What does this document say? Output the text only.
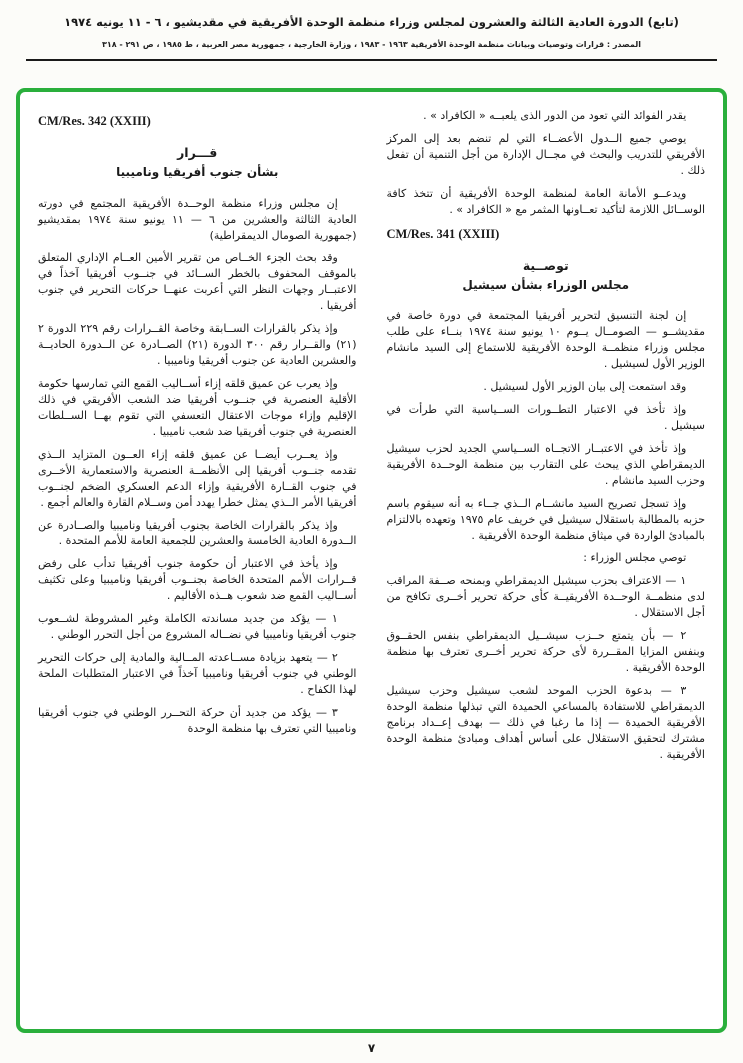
(تابع) الدورة العادية الثالثة والعشرون لمجلس وزراء منظمة الوحدة الأفريقية في مقديشيو ، ٦ - ١١ يونيه ١٩٧٤
المصدر : قرارات وتوصيات وبيانات منظمة الوحدة الأفريقية ١٩٦٣ - ١٩٨٣ ، وزارة الخارجية ، جمهورية مصر العربية ، ط ١٩٨٥ ، ص ٢٩١ - ٣١٨
يقدر الفوائد التي تعود من الدور الذى يلعبــه « الكافراد » .
يوصي جميع الــدول الأعضــاء التي لم تنضم بعد إلى المركز الأفريقي للتدريب والبحث في مجــال الإدارة من أجل التنمية أن تفعل ذلك .
ويدعــو الأمانة العامة لمنظمة الوحدة الأفريقية أن تتخذ كافة الوســائل اللازمة لتأكيد تعــاونها المثمر مع « الكافراد » .
CM/Res. 341 (XXIII)
توصــية
مجلس الوزراء بشأن سيشيل
إن لجنة التنسيق لتحرير أفريقيا المجتمعة في دورة خاصة في مقديشــو — الصومــال يــوم ١٠ يونيو سنة ١٩٧٤ بنــاء على طلب مجلس وزراء منظمــة الوحدة الأفريقية للاستماع إلى السيد مانشام الوزير الأول لسيشيل .
وقد استمعت إلى بيان الوزير الأول لسيشيل .
وإذ تأخذ في الاعتبار التطــورات الســياسية التي طرأت في سيشيل .
وإذ تأخذ في الاعتبــار الاتجــاه الســياسي الجديد لحزب سيشيل الديمقراطي الذي يبحث على التقارب بين منظمة الوحــدة الأفريقية وحزب السيد مانشام .
وإذ تسجل تصريح السيد مانشــام الــذي جــاء به أنه سيقوم باسم حزبه بالمطالبة باستقلال سيشيل في خريف عام ١٩٧٥ وتعهده بالالتزام بالمبادئ الواردة في ميثاق منظمة الوحدة الأفريقية .
توصي مجلس الوزراء :
١ — الاعتراف بحزب سيشيل الديمقراطي وبمنحه صــفة المراقب لدى منظمــة الوحــدة الأفريقيــة كأى حركة تحرير أخــرى تكافح من أجل الاستقلال .
٢ — بأن يتمتع حــزب سيشــيل الديمقراطي بنفس الحقــوق وبنفس المزايا المقــررة لأى حركة تحرير أخــرى تعترف بها منظمة الوحدة الأفريقية .
٣ — بدعوة الحزب الموحد لشعب سيشيل وحزب سيشيل الديمقراطي للاستفادة بالمساعي الحميدة التي تبذلها منظمة الوحدة الأفريقية الحميدة — إذا ما رغبا في ذلك — بهدف إعــداد برنامج مشترك لتحقيق الاستقلال على أساس أهداف ومبادئ منظمة الوحدة الأفريقية .
CM/Res. 342 (XXIII)
قـــرار
بشأن جنوب أفريقيا وناميبيا
إن مجلس وزراء منظمة الوحــدة الأفريقية المجتمع في دورته العادية الثالثة والعشرين من ٦ — ١١ يونيو سنة ١٩٧٤ بمقديشيو (جمهورية الصومال الديمقراطية)
وقد بحث الجزء الخــاص من تقرير الأمين العــام الإداري المتعلق بالموقف المحفوف بالخطر الســائد في جنــوب أفريقيا آخذاً في الاعتبــار وجهات النظر التي أعربت عنهــا حركات التحرير في جنوب أفريقيا .
وإذ يذكر بالقرارات الســابقة وخاصة القــرارات رقم ٢٢٩ الدورة ٢ (٢١) والقــرار رقم ٣٠٠ الدورة (٢١) الصــادرة عن الــدورة الحاديــة والعشرين العادية عن جنوب أفريقيا وناميبيا .
وإذ يعرب عن عميق قلقه إزاء أســاليب القمع التي تمارسها حكومة الأقلية العنصرية في جنــوب أفريقيا ضد الشعب الأفريقي في ذلك الإقليم وإزاء موجات الاعتقال التعسفي التي تقوم بهــا الســلطات العنصرية في جنوب أفريقيا ضد شعب ناميبيا .
وإذ يعــرب أيضــا عن عميق قلقه إزاء العــون المتزايد الــذي تقدمه جنــوب أفريقيا إلى الأنظمــة العنصرية والاستعمارية الأخــرى في جنوب القــارة الأفريقية وإزاء الدعم العسكري الضخم لجنــوب أفريقيا الأمر الــذي يمثل خطرا يهدد أمن وســلام القارة والعالم أجمع .
وإذ يذكر بالقرارات الخاصة بجنوب أفريقيا وناميبيا والصــادرة عن الــدورة العادية الخامسة والعشرين للجمعية العامة للأمم المتحدة .
وإذ يأخذ في الاعتبار أن حكومة جنوب أفريقيا تدأب على رفض قــرارات الأمم المتحدة الخاصة بجنــوب أفريقيا وناميبيا وعلى تكثيف أســاليب القمع ضد شعوب هــذه الأقاليم .
١ — يؤكد من جديد مساندته الكاملة وغير المشروطة لشــعوب جنوب أفريقيا وناميبيا في نضــاله المشروع من أجل التحرر الوطني .
٢ — يتعهد بزيادة مســاعدته المــالية والمادية إلى حركات التحرير الوطني في جنوب أفريقيا وناميبيا آخذاً في الاعتبار المتطلبات الملحة لهذا الكفاح .
٣ — يؤكد من جديد أن حركة التحــرر الوطني في جنوب أفريقيا وناميبيا التي تعترف بها منظمة الوحدة
٧
